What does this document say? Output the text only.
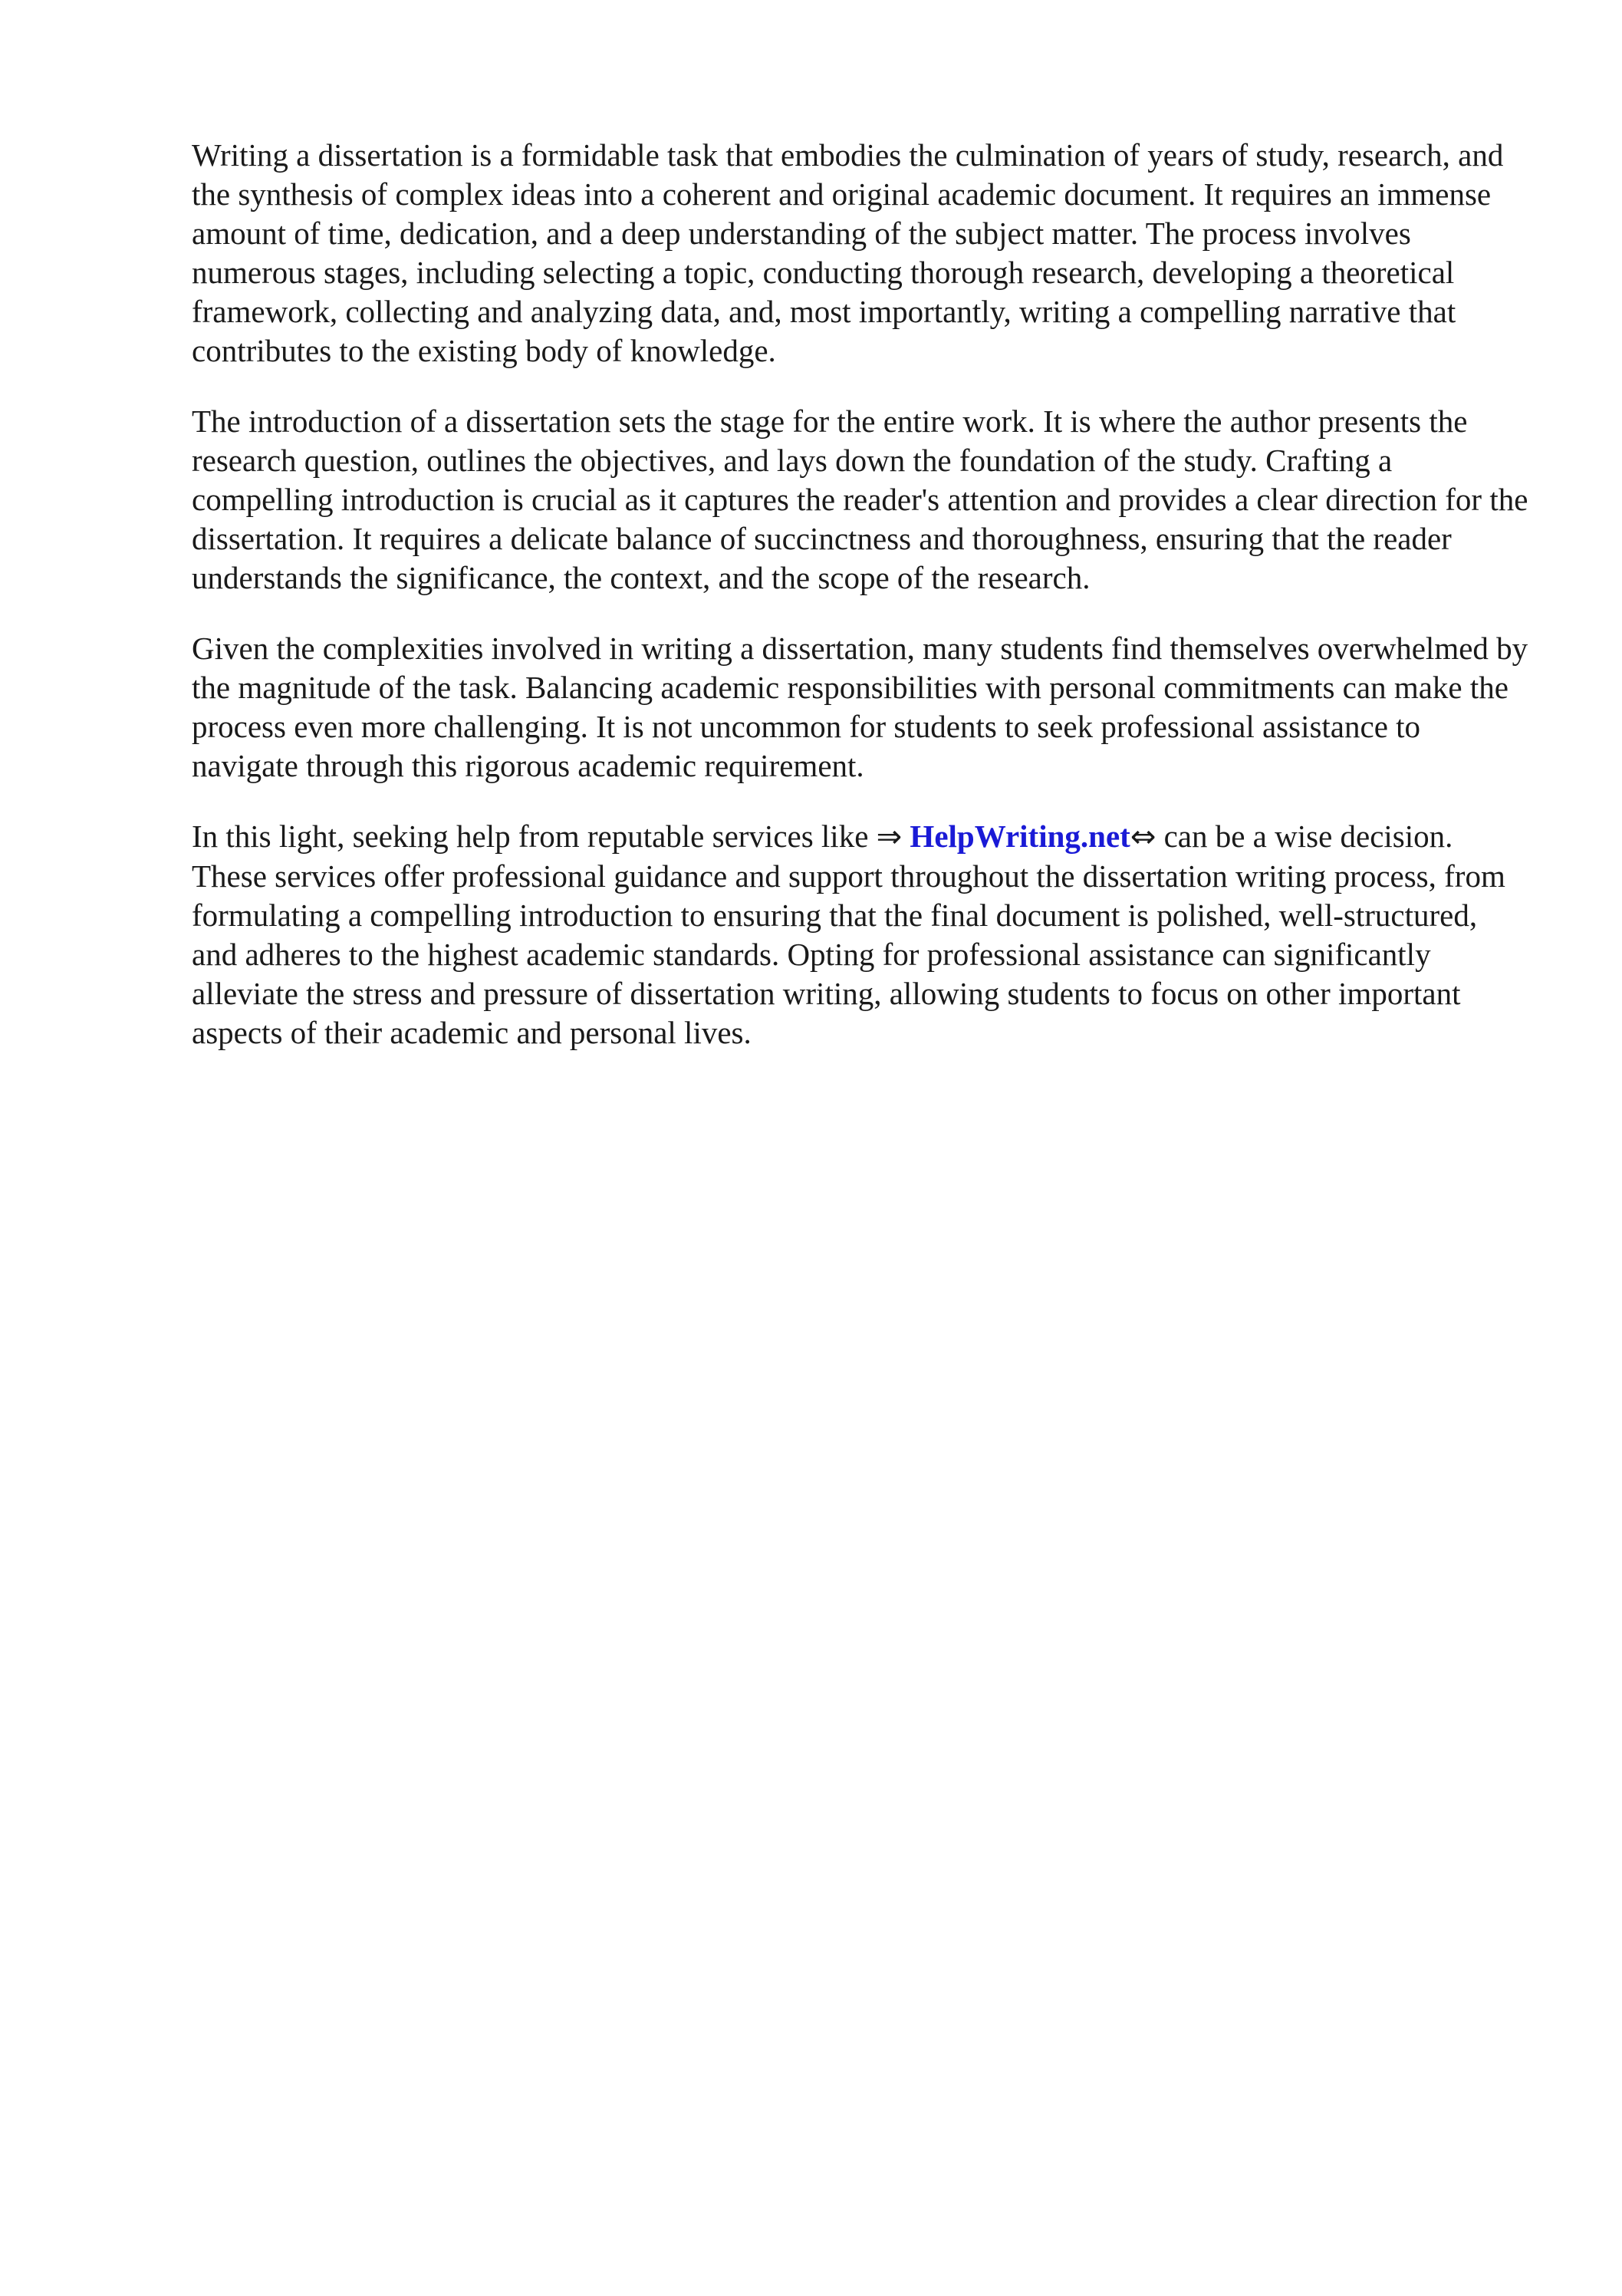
Writing a dissertation is a formidable task that embodies the culmination of years of study, research, and the synthesis of complex ideas into a coherent and original academic document. It requires an immense amount of time, dedication, and a deep understanding of the subject matter. The process involves numerous stages, including selecting a topic, conducting thorough research, developing a theoretical framework, collecting and analyzing data, and, most importantly, writing a compelling narrative that contributes to the existing body of knowledge.

The introduction of a dissertation sets the stage for the entire work. It is where the author presents the research question, outlines the objectives, and lays down the foundation of the study. Crafting a compelling introduction is crucial as it captures the reader's attention and provides a clear direction for the dissertation. It requires a delicate balance of succinctness and thoroughness, ensuring that the reader understands the significance, the context, and the scope of the research.

Given the complexities involved in writing a dissertation, many students find themselves overwhelmed by the magnitude of the task. Balancing academic responsibilities with personal commitments can make the process even more challenging. It is not uncommon for students to seek professional assistance to navigate through this rigorous academic requirement.

In this light, seeking help from reputable services like ⇒ HelpWriting.net⇔ can be a wise decision. These services offer professional guidance and support throughout the dissertation writing process, from formulating a compelling introduction to ensuring that the final document is polished, well-structured, and adheres to the highest academic standards. Opting for professional assistance can significantly alleviate the stress and pressure of dissertation writing, allowing students to focus on other important aspects of their academic and personal lives.
